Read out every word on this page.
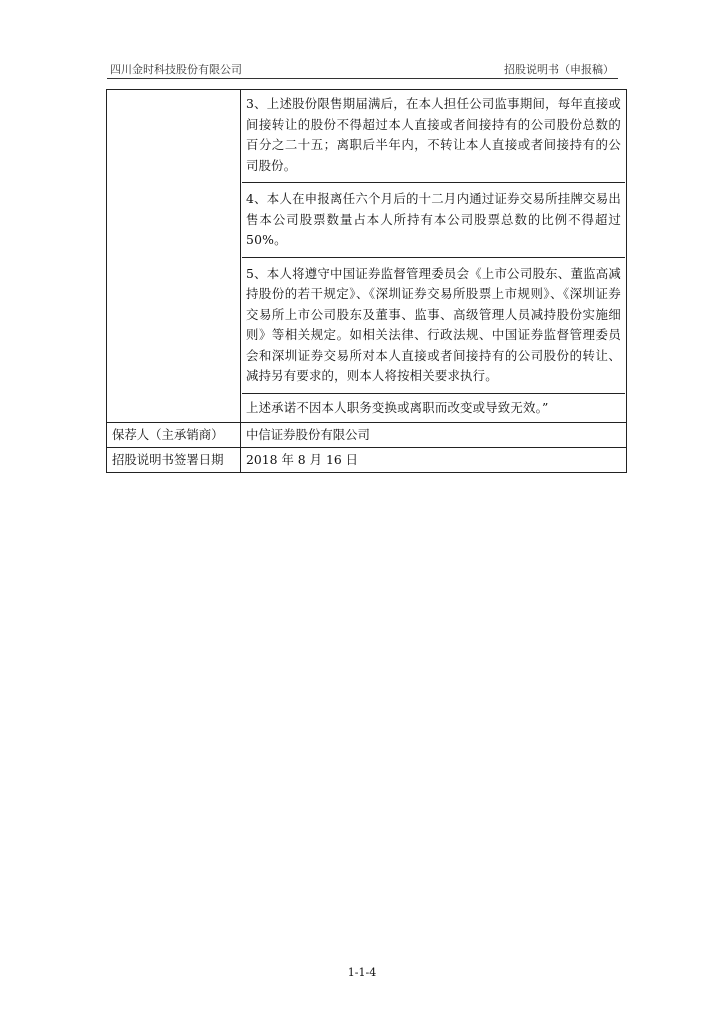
四川金时科技股份有限公司	招股说明书（申报稿）

	3、上述股份限售期届满后，在本人担任公司监事期间，每年直接或间接转让的股份不得超过本人直接或者间接持有的公司股份总数的百分之二十五；离职后半年内，不转让本人直接或者间接持有的公司股份。
4、本人在申报离任六个月后的十二月内通过证券交易所挂牌交易出售本公司股票数量占本人所持有本公司股票总数的比例不得超过50%。
5、本人将遵守中国证券监督管理委员会《上市公司股东、董监高减持股份的若干规定》、《深圳证券交易所股票上市规则》、《深圳证券交易所上市公司股东及董事、监事、高级管理人员减持股份实施细则》等相关规定。如相关法律、行政法规、中国证券监督管理委员会和深圳证券交易所对本人直接或者间接持有的公司股份的转让、减持另有要求的，则本人将按相关要求执行。
上述承诺不因本人职务变换或离职而改变或导致无效。”

保荐人（主承销商）	中信证券股份有限公司

招股说明书签署日期	2018 年 8 月 16 日
1-1-4
